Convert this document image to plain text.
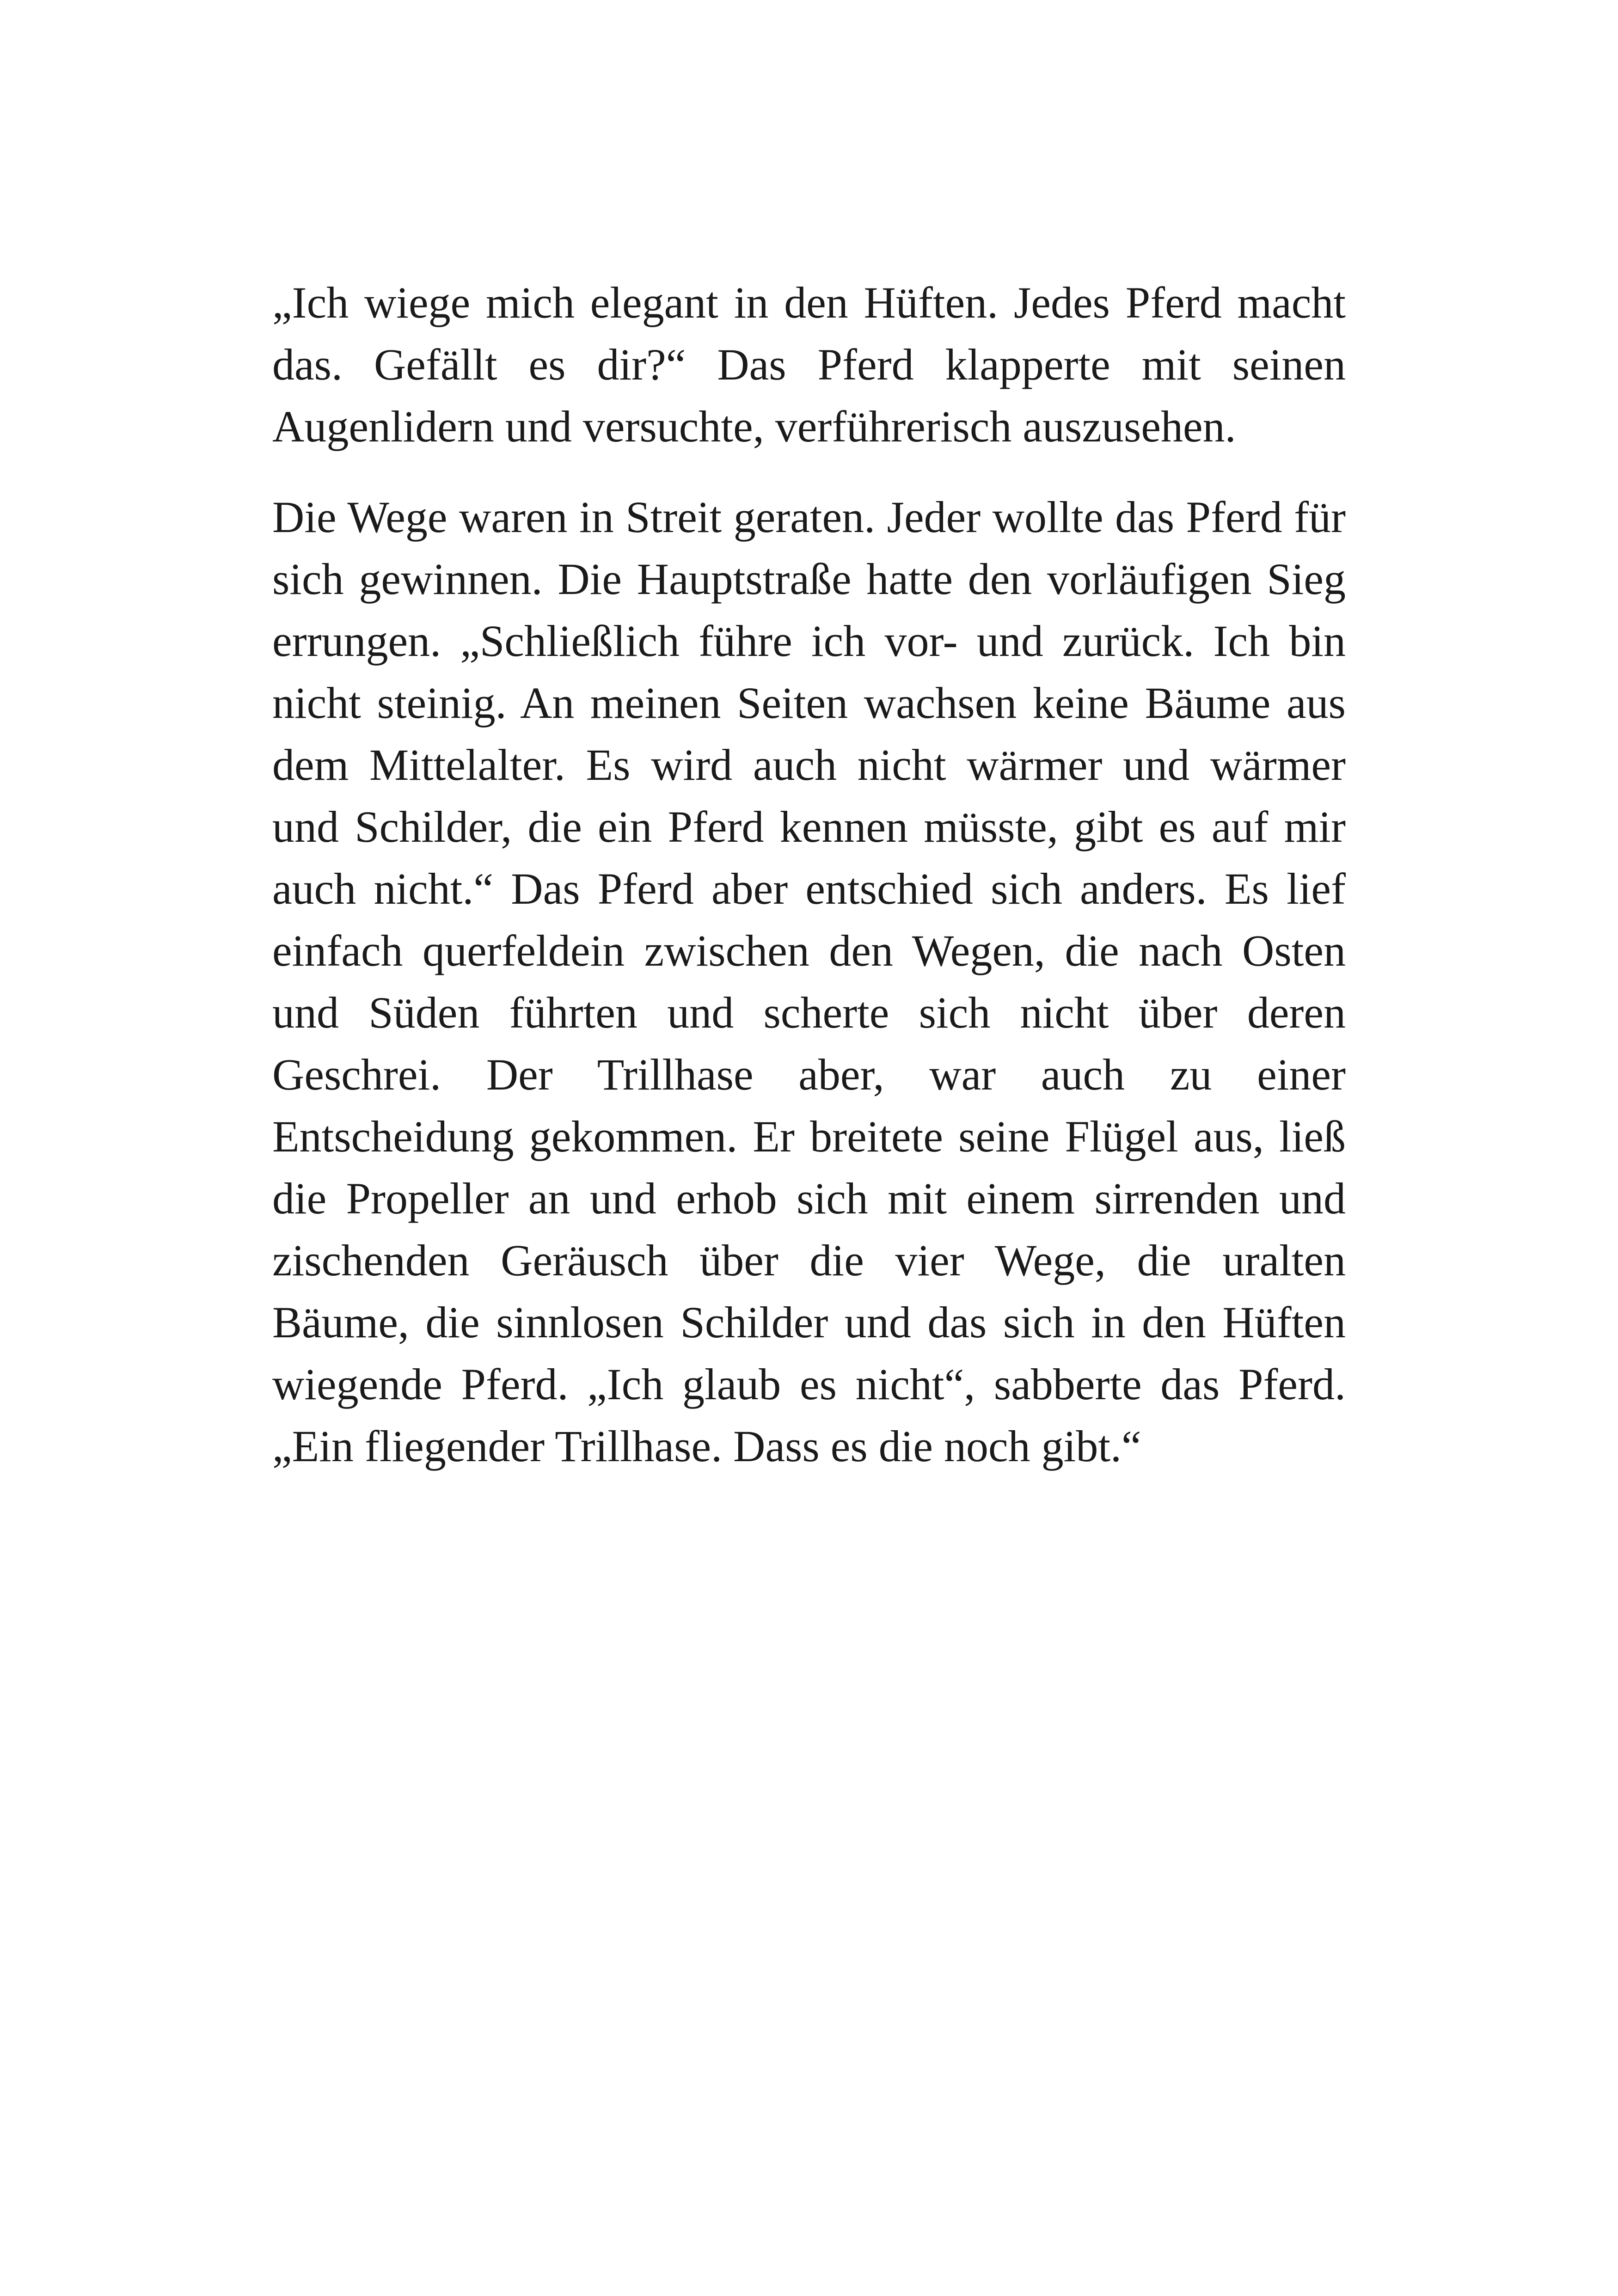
„Ich wiege mich elegant in den Hüften. Jedes Pferd macht das. Gefällt es dir?“ Das Pferd klapperte mit seinen Augenlidern und versuchte, verführerisch auszusehen.

Die Wege waren in Streit geraten. Jeder wollte das Pferd für sich gewinnen. Die Hauptstraße hatte den vorläufigen Sieg errungen. „Schließlich führe ich vor- und zurück. Ich bin nicht steinig. An meinen Seiten wachsen keine Bäume aus dem Mittelalter. Es wird auch nicht wärmer und wärmer und Schilder, die ein Pferd kennen müsste, gibt es auf mir auch nicht.“ Das Pferd aber entschied sich anders. Es lief einfach querfeldein zwischen den Wegen, die nach Osten und Süden führten und scherte sich nicht über deren Geschrei. Der Trillhase aber, war auch zu einer Entscheidung gekommen. Er breitete seine Flügel aus, ließ die Propeller an und erhob sich mit einem sirrenden und zischenden Geräusch über die vier Wege, die uralten Bäume, die sinnlosen Schilder und das sich in den Hüften wiegende Pferd. „Ich glaub es nicht“, sabberte das Pferd. „Ein fliegender Trillhase. Dass es die noch gibt.“
